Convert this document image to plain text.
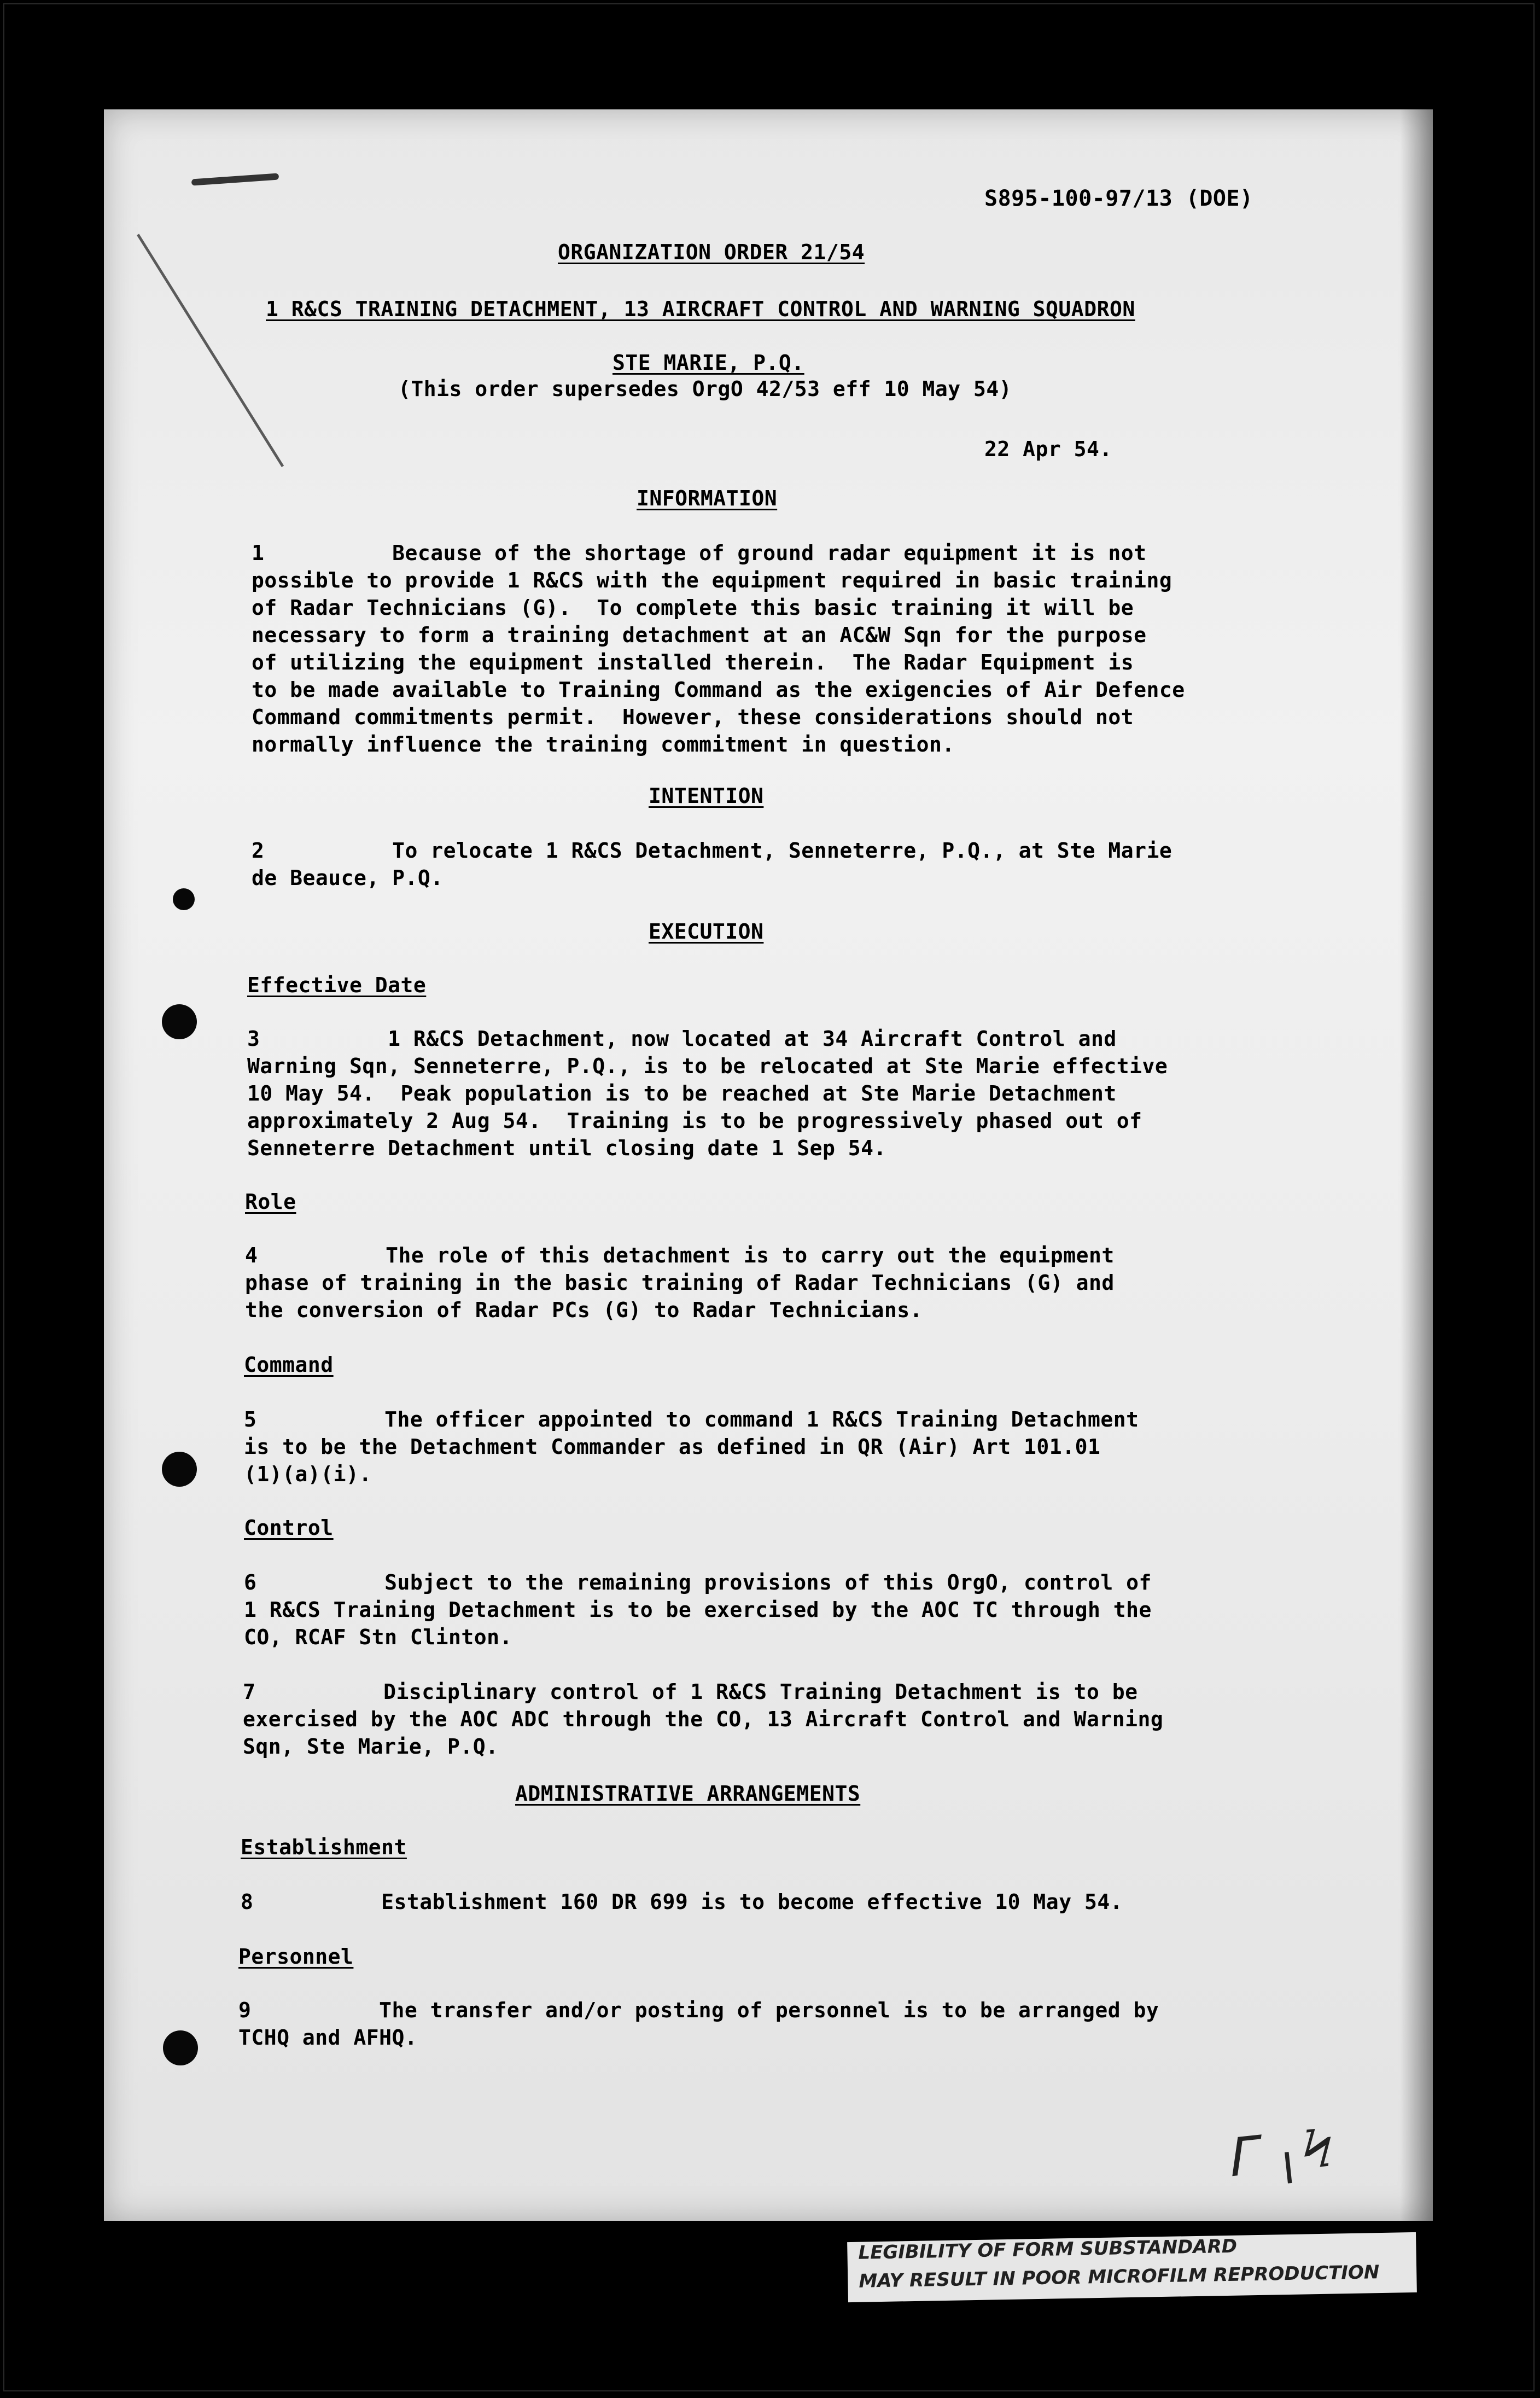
S895-100-97/13 (DOE)

ORGANIZATION ORDER 21/54

1 R&CS TRAINING DETACHMENT, 13 AIRCRAFT CONTROL AND WARNING SQUADRON

STE MARIE, P.Q.

(This order supersedes OrgO 42/53 eff 10 May 54)

22 Apr 54.

INFORMATION

1          Because of the shortage of ground radar equipment it is not
possible to provide 1 R&CS with the equipment required in basic training
of Radar Technicians (G).  To complete this basic training it will be
necessary to form a training detachment at an AC&W Sqn for the purpose
of utilizing the equipment installed therein.  The Radar Equipment is
to be made available to Training Command as the exigencies of Air Defence
Command commitments permit.  However, these considerations should not
normally influence the training commitment in question.

INTENTION

2          To relocate 1 R&CS Detachment, Senneterre, P.Q., at Ste Marie
de Beauce, P.Q.

EXECUTION

Effective Date

3          1 R&CS Detachment, now located at 34 Aircraft Control and
Warning Sqn, Senneterre, P.Q., is to be relocated at Ste Marie effective
10 May 54.  Peak population is to be reached at Ste Marie Detachment
approximately 2 Aug 54.  Training is to be progressively phased out of
Senneterre Detachment until closing date 1 Sep 54.

Role

4          The role of this detachment is to carry out the equipment
phase of training in the basic training of Radar Technicians (G) and
the conversion of Radar PCs (G) to Radar Technicians.

Command

5          The officer appointed to command 1 R&CS Training Detachment
is to be the Detachment Commander as defined in QR (Air) Art 101.01
(1)(a)(i).

Control

6          Subject to the remaining provisions of this OrgO, control of
1 R&CS Training Detachment is to be exercised by the AOC TC through the
CO, RCAF Stn Clinton.

7          Disciplinary control of 1 R&CS Training Detachment is to be
exercised by the AOC ADC through the CO, 13 Aircraft Control and Warning
Sqn, Ste Marie, P.Q.

ADMINISTRATIVE ARRANGEMENTS

Establishment

8          Establishment 160 DR 699 is to become effective 10 May 54.

Personnel

9          The transfer and/or posting of personnel is to be arranged by
TCHQ and AFHQ.

ᒥ ╷Ϟ

LEGIBILITY OF FORM SUBSTANDARD

MAY RESULT IN POOR MICROFILM REPRODUCTION
